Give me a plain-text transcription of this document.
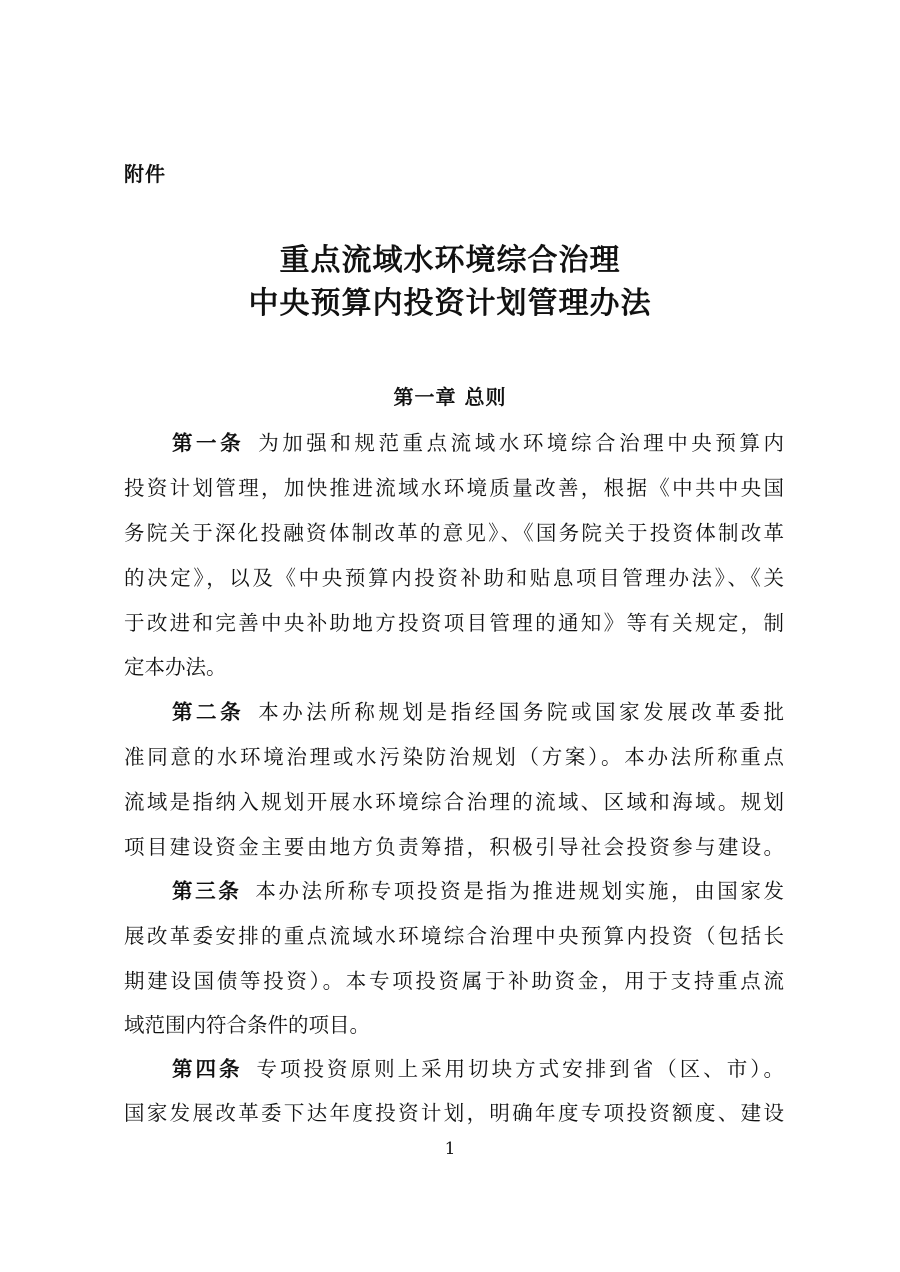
附件
重点流域水环境综合治理
中央预算内投资计划管理办法
第一章 总则
第一条 为加强和规范重点流域水环境综合治理中央预算内
投资计划管理，加快推进流域水环境质量改善，根据《中共中央国
务院关于深化投融资体制改革的意见》、《国务院关于投资体制改革
的决定》，以及《中央预算内投资补助和贴息项目管理办法》、《关
于改进和完善中央补助地方投资项目管理的通知》等有关规定，制
定本办法。
第二条 本办法所称规划是指经国务院或国家发展改革委批
准同意的水环境治理或水污染防治规划（方案）。本办法所称重点
流域是指纳入规划开展水环境综合治理的流域、区域和海域。规划
项目建设资金主要由地方负责筹措，积极引导社会投资参与建设。
第三条 本办法所称专项投资是指为推进规划实施，由国家发
展改革委安排的重点流域水环境综合治理中央预算内投资（包括长
期建设国债等投资）。本专项投资属于补助资金，用于支持重点流
域范围内符合条件的项目。
第四条 专项投资原则上采用切块方式安排到省（区、市）。
国家发展改革委下达年度投资计划，明确年度专项投资额度、建设
1
